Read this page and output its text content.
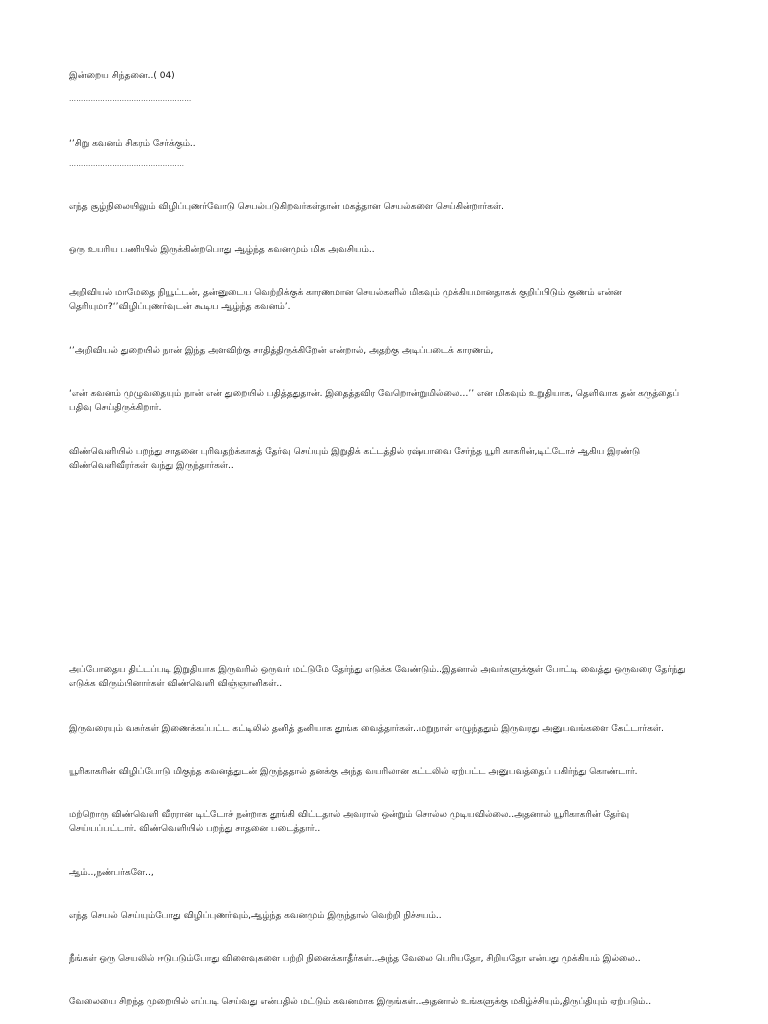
இன்றைய சிந்தனை..( 04)
……………………………………………
‘’சிறு கவனம் சிகரம் சேர்க்கும்..
…………………………………………
எந்த சூழ்நிலையிலும் விழிப்புணர்வோடு செயல்படுகிறவர்கள்தான் மகத்தான செயல்களை செய்கின்றார்கள்.
ஒரு உயரிய பணியில் இருக்கின்றபொது ஆழ்ந்த கவனமும் மிக அவசியம்..
அறிவியல் மாமேதை நியூட்டன், தன்னுடைய வெற்றிக்குக் காரணமான செயல்களில் மிகவும் முக்கியமானதாகக் குறிப்பிடும் குணம் என்ன தெரியுமா?‘’விழிப்புணர்வுடன் கூடிய ஆழ்ந்த கவனம்’.
‘’அறிவியல் துறையில் நான் இந்த அளவிற்கு சாதித்திருக்கிறேன் என்றால், அதற்கு அடிப்படைக் காரணம்,
‘என் கவனம் முழுவதையும் நான் என் துறையில் பதித்ததுதான். இதைத்தவிர வேறொன்றுமில்லை…’’ என மிகவும் உறுதியாக, தெளிவாக தன் கருத்தைப் பதிவு செய்திருக்கிறார்.
விண்வெளியில் பறந்து சாதனை புரிவதற்க்காகத் தேர்வு செய்யும் இறுதிக் கட்டத்தில் ரஷ்யாவை சேர்ந்த யூரி காகரின்,டிட்டோச் ஆகிய இரண்டு விண்வெளிவீரர்கள் வந்து இருந்தார்கள்..
அப்போதைய திட்டப்படி இறுதியாக இருவரில் ஒருவர் மட்டுமே தேர்ந்து எடுக்க வேண்டும்..இதனால் அவர்களுக்குள் போட்டி வைத்து ஒருவரை தேர்ந்து எடுக்க விரும்பினார்கள் விண்வெளி விஞ்ஞானிகள்..
இருவரையும் வசுர்கள் இணைக்கப்பட்ட கட்டிலில் தனித் தனியாக தூங்க வைத்தார்கள்..மறுநாள் எழுந்ததும் இருவரது அனுபவங்களை கேட்டார்கள்.
யூரிகாகரின் விழிப்போடு மிகுந்த கவனத்துடன் இருந்ததால் தனக்கு அந்த வயரிலான கட்டலில் ஏற்பட்ட அனுபவத்தைப் பகிர்ந்து கொண்டார்.
மற்றொரு விண்வெளி வீரரான டிட்டோச் நன்றாக தூங்கி விட்டதால் அவரால் ஒன்றும் சொல்ல முடியவில்லை..அதனால் யூரிகாகரின் தேர்வு செய்யப்பட்டார். விண்வெளியில் பறந்து சாதனை படைத்தார்..
ஆம்..,நண்பர்களே..,
எந்த செயல் செய்யும்போது விழிப்புணர்வும்,ஆழ்ந்த கவனமும் இருந்தால் வெற்றி நிச்சயம்..
நீங்கள் ஒரு செயலில் ஈடுபடும்போது விளைவுகளை பற்றி நினைக்காதீர்கள்..அந்த வேலை பெரியதோ, சிறியதோ என்பது முக்கியம் இல்லை..
வேலையை சிறந்த முறையில் எப்படி செய்வது என்பதில் மட்டும் கவனமாக இருங்கள்..அதனால் உங்களுக்கு மகிழ்ச்சியும்,திருப்தியும் ஏற்படும்..
